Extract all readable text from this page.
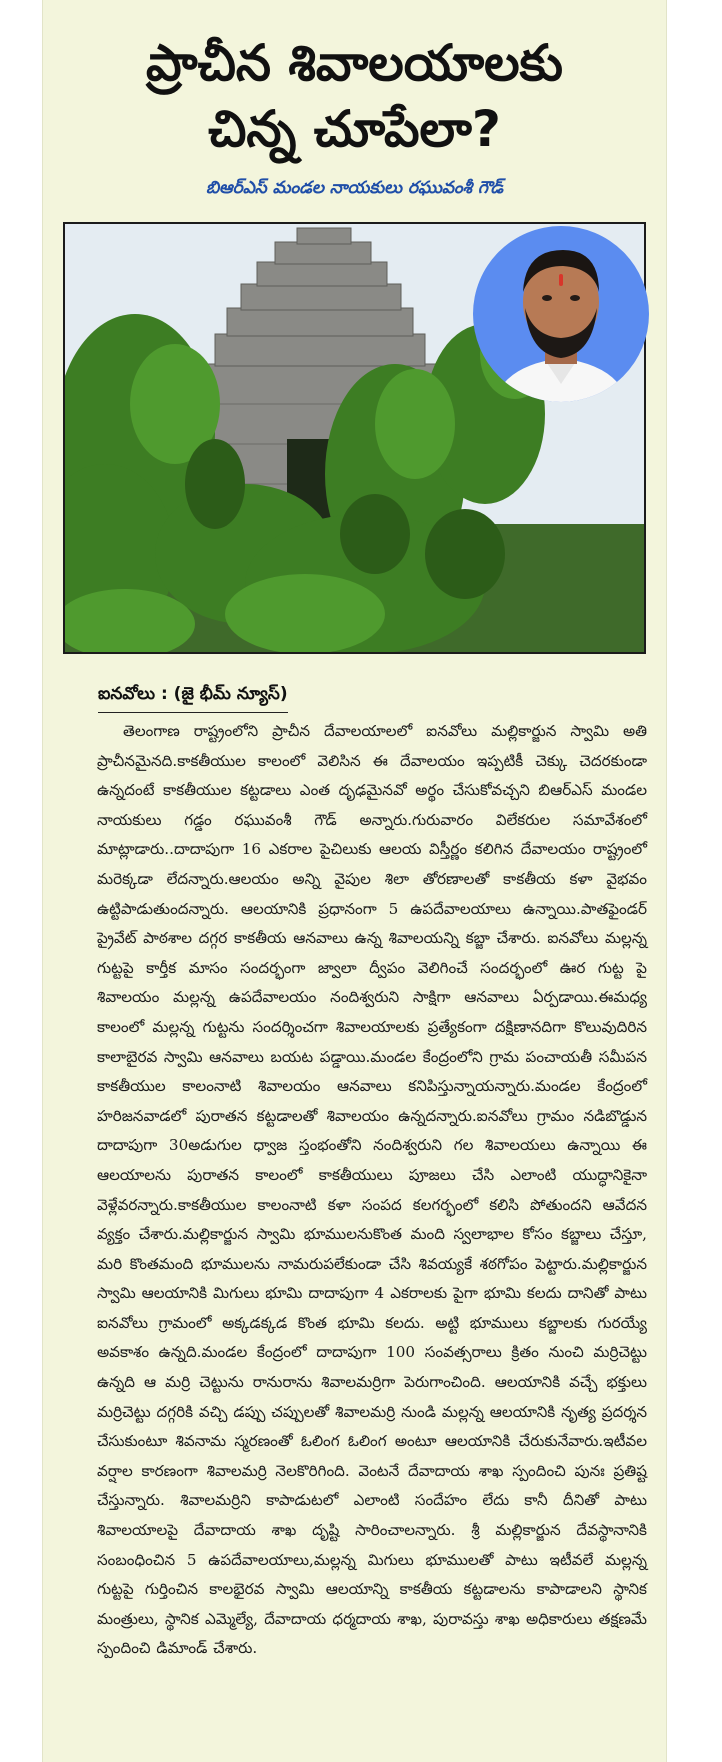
ప్రాచీన శివాలయాలకు
చిన్న చూపేలా?
బిఆర్ఎస్ మండల నాయకులు రఘువంశీ గౌడ్
ఐనవోలు : (జై భీమ్ న్యూస్)
తెలంగాణ రాష్ట్రంలోని ప్రాచీన దేవాలయాలలో ఐనవోలు మల్లికార్జున స్వామి అతి ప్రాచీనమైనది.కాకతీయుల కాలంలో వెలిసిన ఈ దేవాలయం ఇప్పటికీ చెక్కు చెదరకుండా ఉన్నదంటే కాకతీయుల కట్టడాలు ఎంత దృఢమైనవో అర్థం చేసుకోవచ్చని బిఆర్ఎస్ మండల నాయకులు గడ్డం రఘువంశీ గౌడ్ అన్నారు.గురువారం విలేకరుల సమావేశంలో మాట్లాడారు..దాదాపుగా 16 ఎకరాల పైచిలుకు ఆలయ విస్తీర్ణం కలిగిన దేవాలయం రాష్ట్రంలో మరెక్కడా లేదన్నారు.ఆలయం అన్ని వైపుల శిలా తోరణాలతో కాకతీయ కళా వైభవం ఉట్టిపాడుతుందన్నారు. ఆలయానికి ప్రధానంగా 5 ఉపదేవాలయాలు ఉన్నాయి.పాతఫైండర్ ప్రైవేట్ పాఠశాల దగ్గర కాకతీయ ఆనవాలు ఉన్న శివాలయన్ని కబ్జా చేశారు. ఐనవోలు మల్లన్న గుట్టపై కార్తీక మాసం సందర్భంగా జ్వాలా ద్వీపం వెలిగించే సందర్భంలో ఊర గుట్ట పై శివాలయం మల్లన్న ఉపదేవాలయం నందిశ్వరుని సాక్షిగా ఆనవాలు ఏర్పడాయి.ఈమధ్య కాలంలో మల్లన్న గుట్టను సందర్శించగా శివాలయాలకు ప్రత్యేకంగా దక్షిణానదిగా కొలువుదిరిన కాలాబైరవ స్వామి ఆనవాలు బయట పడ్డాయి.మండల కేంద్రంలోని గ్రామ పంచాయతీ సమీపన కాకతీయుల కాలంనాటి శివాలయం ఆనవాలు కనిపిస్తున్నాయన్నారు.మండల కేంద్రంలో హరిజనవాడలో పురాతన కట్టడాలతో శివాలయం ఉన్నదన్నారు.ఐనవోలు గ్రామం నడిబొడ్డున దాదాపుగా 30అడుగుల ధ్వాజ స్తంభంతోని నందిశ్వరుని గల శివాలయలు ఉన్నాయి ఈ ఆలయాలను పురాతన కాలంలో కాకతీయులు పూజలు చేసి ఎలాంటి యుద్ధానికైనా వెళ్లేవరన్నారు.కాకతీయుల కాలంనాటి కళా సంపద కలగర్భంలో కలిసి పోతుందని ఆవేదన వ్యక్తం చేశారు.మల్లికార్జున స్వామి భూములనుకొంత మంది స్వలాభాల కోసం కబ్జాలు చేస్తూ, మరి కొంతమంది భూములను నామరుపలేకుండా చేసి శివయ్యకే శఠగోపం పెట్టారు.మల్లికార్జున స్వామి ఆలయానికి మిగులు భూమి దాదాపుగా 4 ఎకరాలకు పైగా భూమి కలదు దానితో పాటు ఐనవోలు గ్రామంలో అక్కడక్కడ కొంత భూమి కలదు. అట్టి భూములు కబ్జాలకు గురయ్యే అవకాశం ఉన్నది.మండల కేంద్రంలో దాదాపుగా 100 సంవత్సరాలు క్రితం నుంచి మర్రిచెట్టు ఉన్నది ఆ మర్రి చెట్టును రానురాను శివాలమర్రిగా పెరుగాంచింది. ఆలయానికి వచ్చే భక్తులు మర్రిచెట్టు దగ్గరికి వచ్చి డప్పు చప్పులతో శివాలమర్రి నుండి మల్లన్న ఆలయానికి నృత్య ప్రదర్శన చేసుకుంటూ శివనామ స్మరణంతో ఓలింగ ఓలింగ అంటూ ఆలయానికి చేరుకునేవారు.ఇటీవల వర్షాల కారణంగా శివాలమర్రి నెలకొరిగింది. వెంటనే దేవాదాయ శాఖ స్పందించి పునః ప్రతిష్ట చేస్తున్నారు. శివాలమర్రిని కాపాడుటలో ఎలాంటి సందేహం లేదు కానీ దీనితో పాటు శివాలయాలపై దేవాదాయ శాఖ దృష్టి సారించాలన్నారు. శ్రీ మల్లికార్జున దేవస్థానానికి సంబంధించిన 5 ఉపదేవాలయాలు,మల్లన్న మిగులు భూములతో పాటు ఇటీవలే మల్లన్న గుట్టపై గుర్తించిన కాలభైరవ స్వామి ఆలయాన్ని కాకతీయ కట్టడాలను కాపాడాలని స్థానిక మంత్రులు, స్థానిక ఎమ్మెల్యే, దేవాదాయ ధర్మదాయ శాఖ, పురావస్తు శాఖ అధికారులు తక్షణమే స్పందించి డిమాండ్ చేశారు.
